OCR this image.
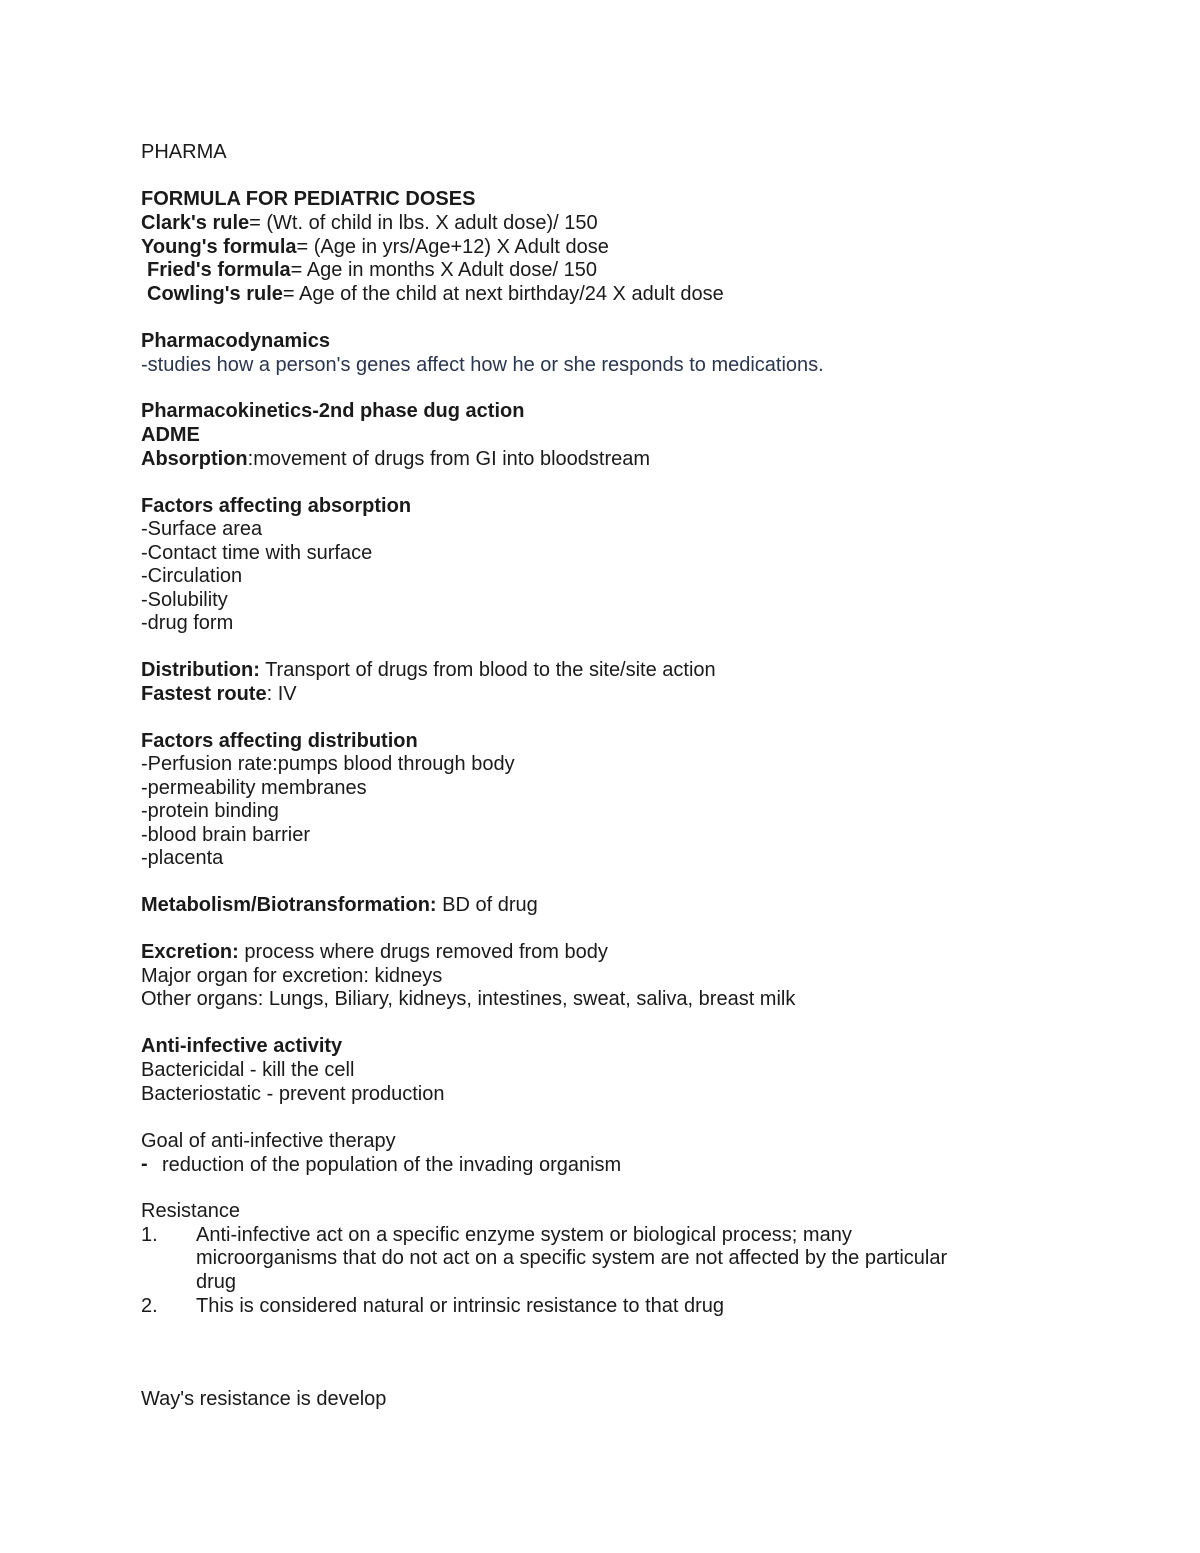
PHARMA
FORMULA FOR PEDIATRIC DOSES
Clark's rule= (Wt. of child in lbs. X adult dose)/ 150
Young's formula= (Age in yrs/Age+12) X Adult dose
Fried's formula= Age in months X Adult dose/ 150
Cowling's rule= Age of the child at next birthday/24 X adult dose
Pharmacodynamics
-studies how a person's genes affect how he or she responds to medications.
Pharmacokinetics-2nd phase dug action
ADME
Absorption:movement of drugs from GI into bloodstream
Factors affecting absorption
-Surface area
-Contact time with surface
-Circulation
-Solubility
-drug form
Distribution: Transport of drugs from blood to the site/site action
Fastest route: IV
Factors affecting distribution
-Perfusion rate:pumps blood through body
-permeability membranes
-protein binding
-blood brain barrier
-placenta
Metabolism/Biotransformation: BD of drug
Excretion: process where drugs removed from body
Major organ for excretion: kidneys
Other organs: Lungs, Biliary, kidneys, intestines, sweat, saliva, breast milk
Anti-infective activity
Bactericidal - kill the cell
Bacteriostatic - prevent production
Goal of anti-infective therapy
- reduction of the population of the invading organism
Resistance
1. Anti-infective act on a specific enzyme system or biological process; many
microorganisms that do not act on a specific system are not affected by the particular
drug
2. This is considered natural or intrinsic resistance to that drug
Way's resistance is develop
